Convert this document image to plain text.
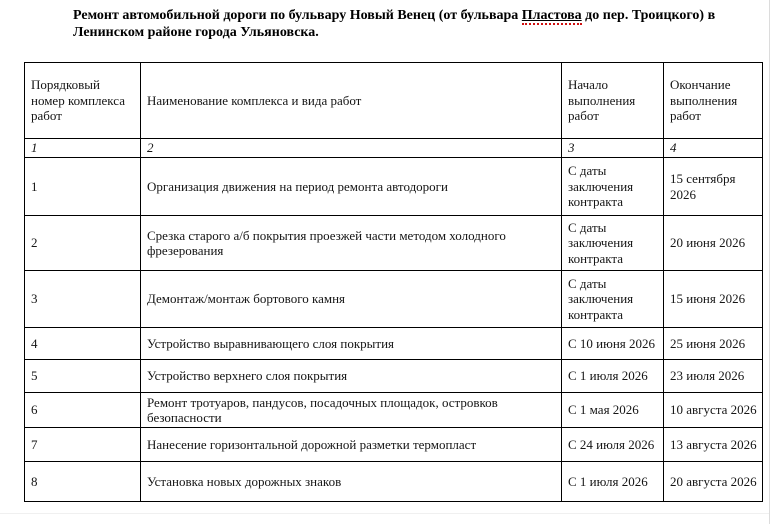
Ремонт автомобильной дороги по бульвару Новый Венец (от бульвара Пластова до пер. Троицкого) в Ленинском районе города Ульяновска.
Порядковый номер комплекса работ	Наименование комплекса и вида работ	Начало выполнения работ	Окончание выполнения работ
1	2	3	4
1	Организация движения на период ремонта автодороги	С даты заключения контракта	15 сентября 2026
2	Срезка старого а/б покрытия проезжей части методом холодного фрезерования	С даты заключения контракта	20 июня 2026
3	Демонтаж/монтаж бортового камня	С даты заключения контракта	15 июня 2026
4	Устройство выравнивающего слоя покрытия	С 10 июня 2026	25 июня 2026
5	Устройство верхнего слоя покрытия	С 1 июля 2026	23 июля 2026
6	Ремонт тротуаров, пандусов, посадочных площадок, островков безопасности	С 1 мая 2026	10 августа 2026
7	Нанесение горизонтальной дорожной разметки термопласт	С 24 июля 2026	13 августа 2026
8	Установка новых дорожных знаков	С 1 июля 2026	20 августа 2026
